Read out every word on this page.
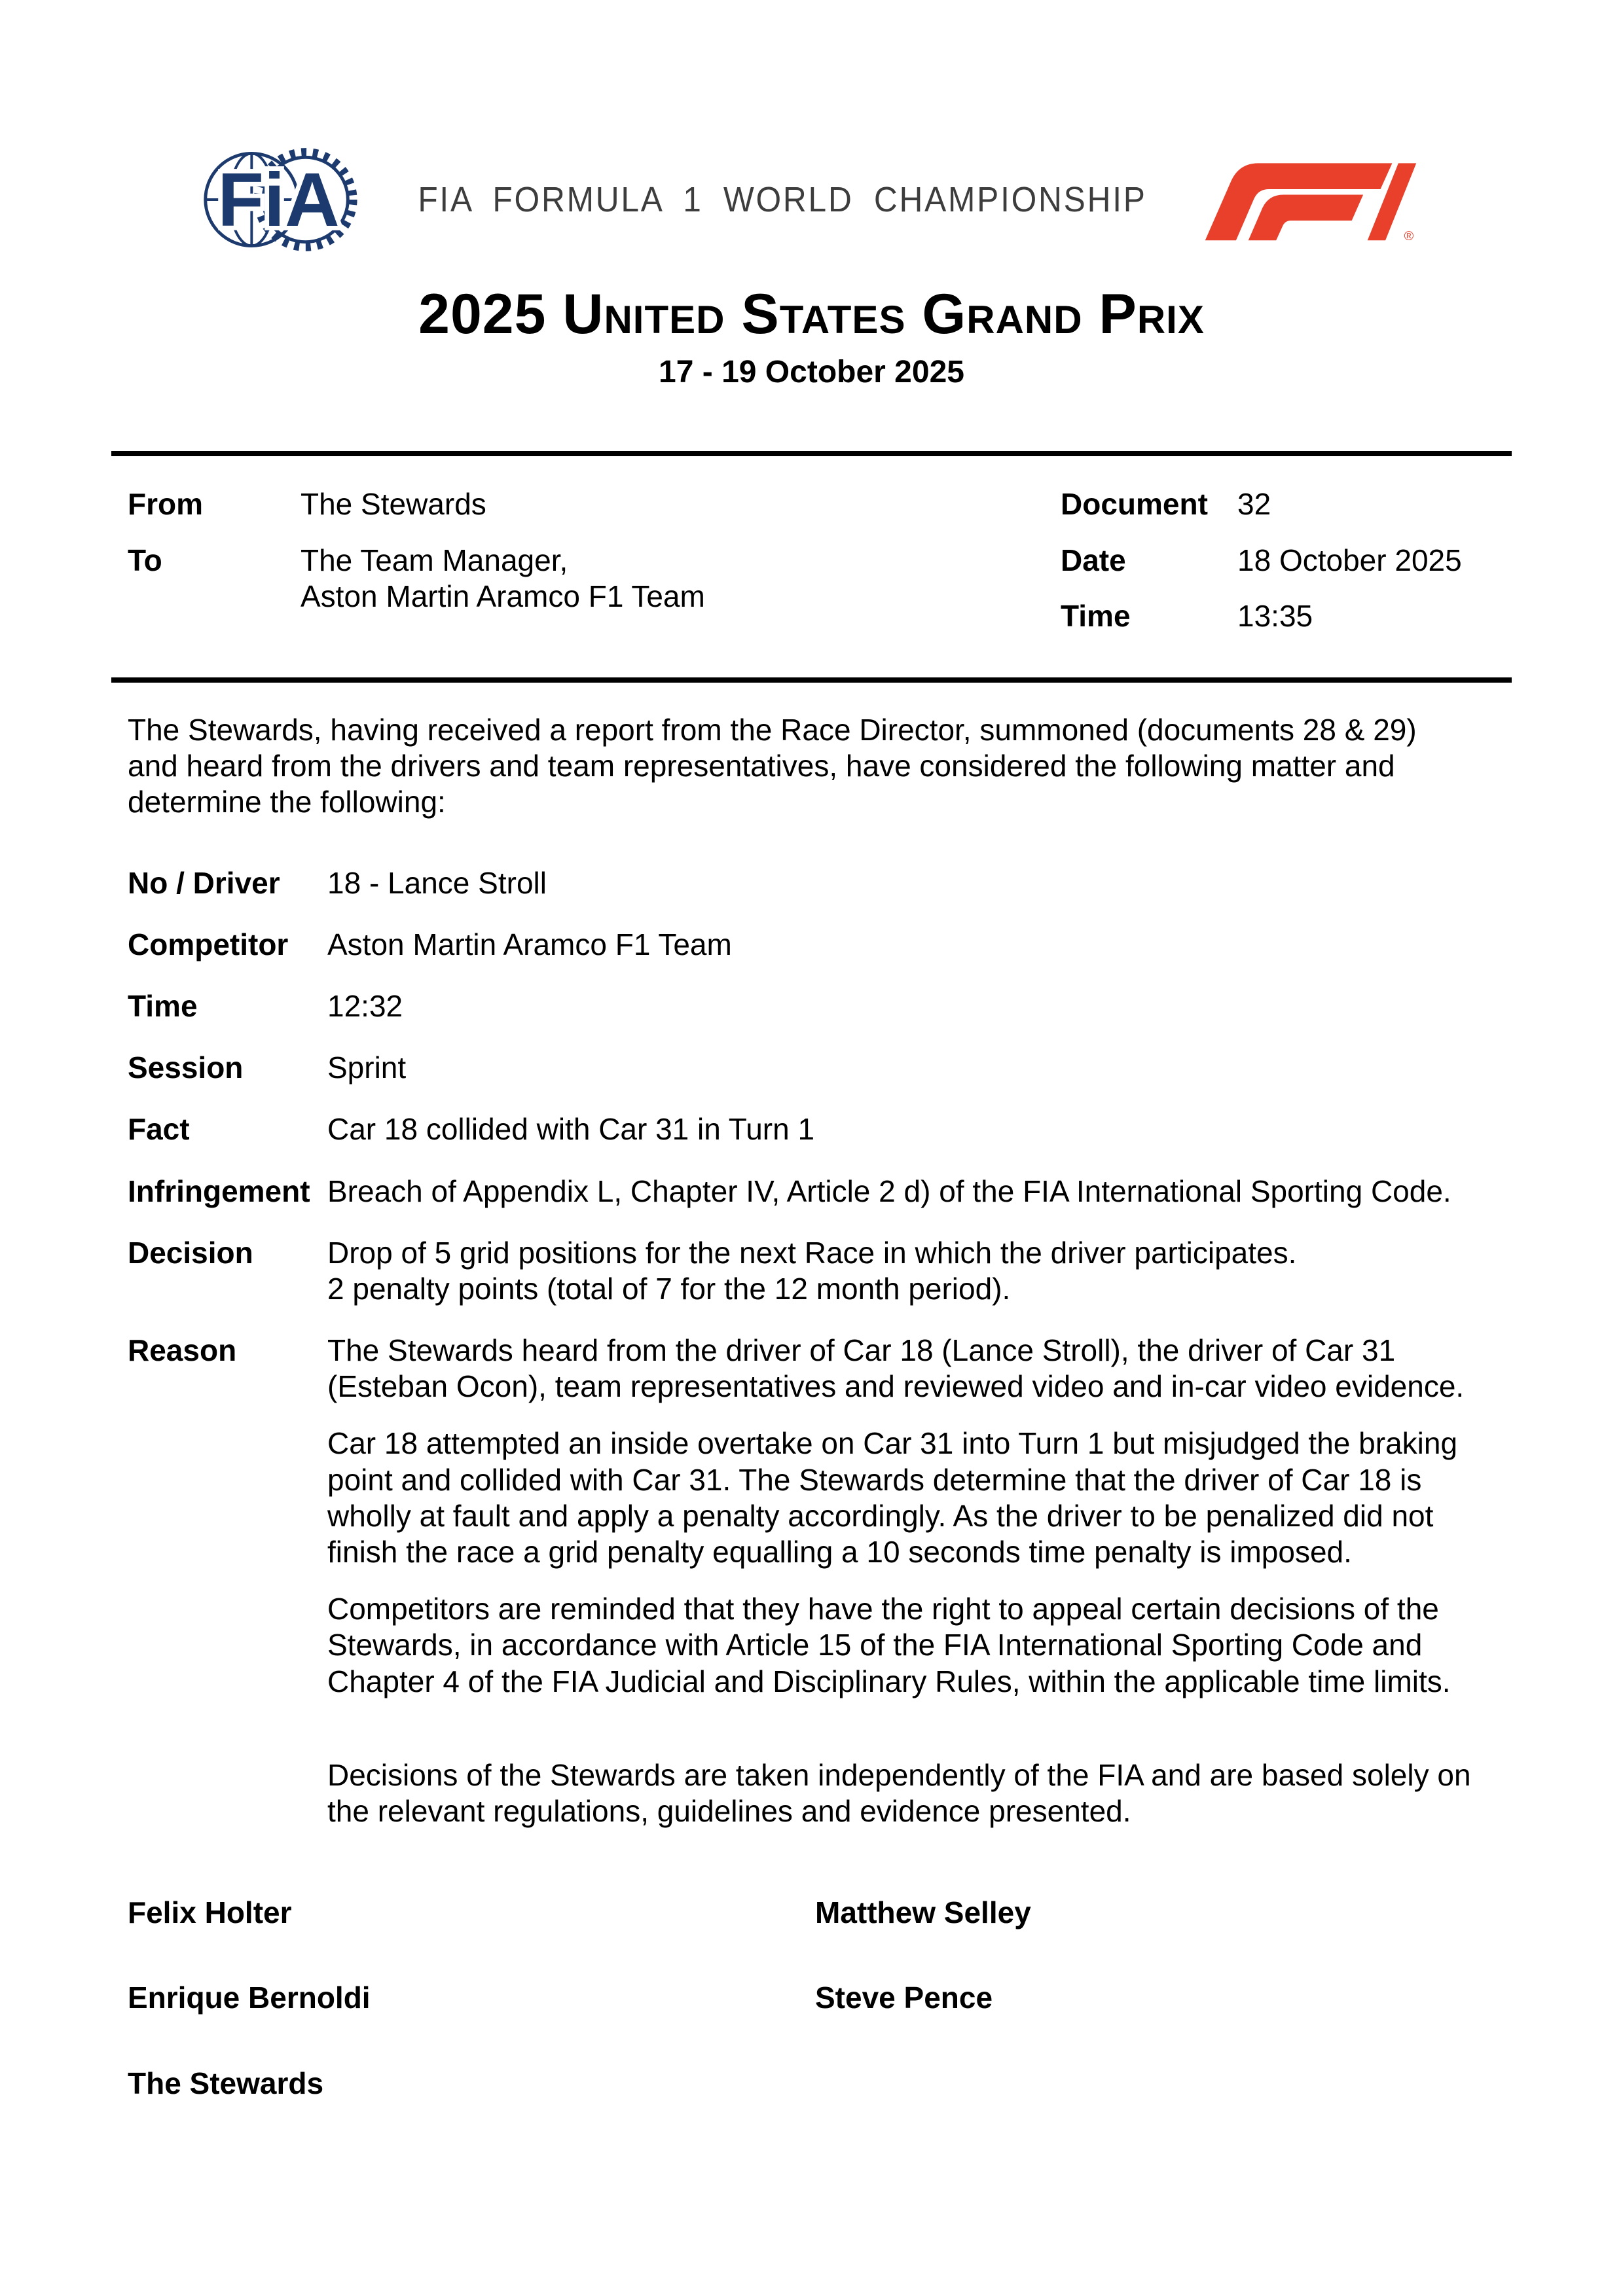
FiA	FIA FORMULA 1 WORLD CHAMPIONSHIP
®
2025 United States Grand Prix
17 - 19 October 2025
From	The Stewards
To	The Team Manager,
Aston Martin Aramco F1 Team
Document 32
Date	18 October 2025
Time	13:35

The Stewards, having received a report from the Race Director, summoned (documents 28 & 29) and heard from the drivers and team representatives, have considered the following matter and determine the following:

No / Driver	18 - Lance Stroll
Competitor	Aston Martin Aramco F1 Team
Time	12:32
Session	Sprint
Fact	Car 18 collided with Car 31 in Turn 1
Infringement Breach of Appendix L, Chapter IV, Article 2 d) of the FIA International Sporting Code.
Decision	Drop of 5 grid positions for the next Race in which the driver participates.
2 penalty points (total of 7 for the 12 month period).
Reason	The Stewards heard from the driver of Car 18 (Lance Stroll), the driver of Car 31 (Esteban Ocon), team representatives and reviewed video and in-car video evidence.

Car 18 attempted an inside overtake on Car 31 into Turn 1 but misjudged the braking point and collided with Car 31. The Stewards determine that the driver of Car 18 is wholly at fault and apply a penalty accordingly. As the driver to be penalized did not finish the race a grid penalty equalling a 10 seconds time penalty is imposed.

Competitors are reminded that they have the right to appeal certain decisions of the Stewards, in accordance with Article 15 of the FIA International Sporting Code and Chapter 4 of the FIA Judicial and Disciplinary Rules, within the applicable time limits.

Decisions of the Stewards are taken independently of the FIA and are based solely on the relevant regulations, guidelines and evidence presented.

Felix Holter	Matthew Selley
Enrique Bernoldi	Steve Pence
The Stewards
